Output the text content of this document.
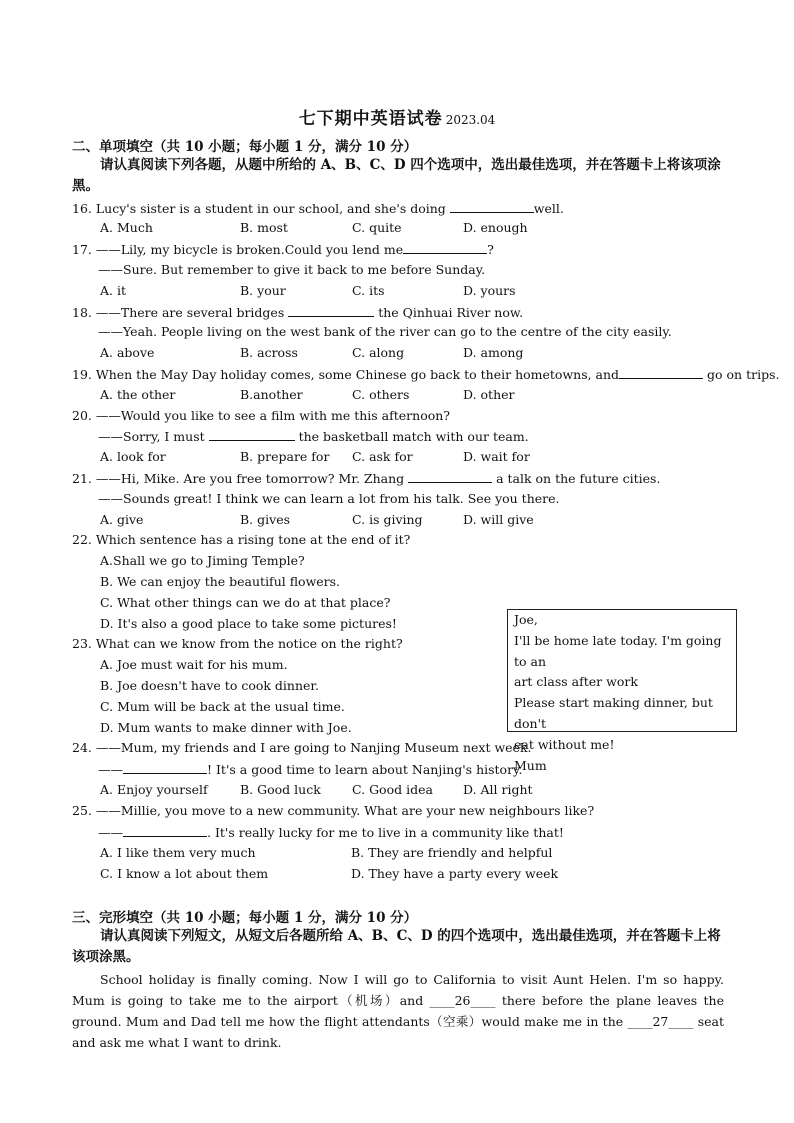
七下期中英语试卷 2023.04
二、单项填空（共 10 小题；每小题 1 分，满分 10 分）
请认真阅读下列各题，从题中所给的 A、B、C、D 四个选项中，选出最佳选项，并在答题卡上将该项涂黑。
16. Lucy's sister is a student in our school, and she's doing	well.
A. Much	B. most	C. quite	D. enough
17. ——Lily, my bicycle is broken.Could you lend me	?
——Sure. But remember to give it back to me before Sunday.
A. it	B. your	C. its	D. yours
18. ——There are several bridges	the Qinhuai River now.
——Yeah. People living on the west bank of the river can go to the centre of the city easily.
A. above	B. across	C. along	D. among
19. When the May Day holiday comes, some Chinese go back to their hometowns, and	go on trips.
A. the other	B.another	C. others	D. other
20. ——Would you like to see a film with me this afternoon?
——Sorry, I must	the basketball match with our team.
A. look for	B. prepare for C. ask for	D. wait for
21. ——Hi, Mike. Are you free tomorrow? Mr. Zhang	a talk on the future cities.
——Sounds great! I think we can learn a lot from his talk. See you there.
A. give	B. gives	C. is giving	D. will give
22. Which sentence has a rising tone at the end of it?
A.Shall we go to Jiming Temple?
B. We can enjoy the beautiful flowers.
C. What other things can we do at that place?
D. It's also a good place to take some pictures!
23. What can we know from the notice on the right?
A. Joe must wait for his mum.
B. Joe doesn't have to cook dinner.
C. Mum will be back at the usual time.
D. Mum wants to make dinner with Joe.

Joe,

I'll be home late today. I'm going to an

art class after work

Please start making dinner, but don't

eat without me!

Mum

24. ——Mum, my friends and I are going to Nanjing Museum next week.
——	! It's a good time to learn about Nanjing's history.
A. Enjoy yourself	B. Good luck C. Good idea D. All right
25. ——Millie, you move to a new community. What are your new neighbours like?
——	. It's really lucky for me to live in a community like that!
A. I like them very much	B. They are friendly and helpful
C. I know a lot about them	D. They have a party every week
三、完形填空（共 10 小题；每小题 1 分，满分 10 分）
请认真阅读下列短文，从短文后各题所给 A、B、C、D 的四个选项中，选出最佳选项，并在答题卡上将该项涂黑。
School holiday is finally coming. Now I will go to California to visit Aunt Helen. I'm so happy. Mum is going to take me to the airport（机场）and ____26____ there before the plane leaves the ground. Mum and Dad tell me how the flight attendants（空乘）would make me in the ____27____ seat and ask me what I want to drink.
